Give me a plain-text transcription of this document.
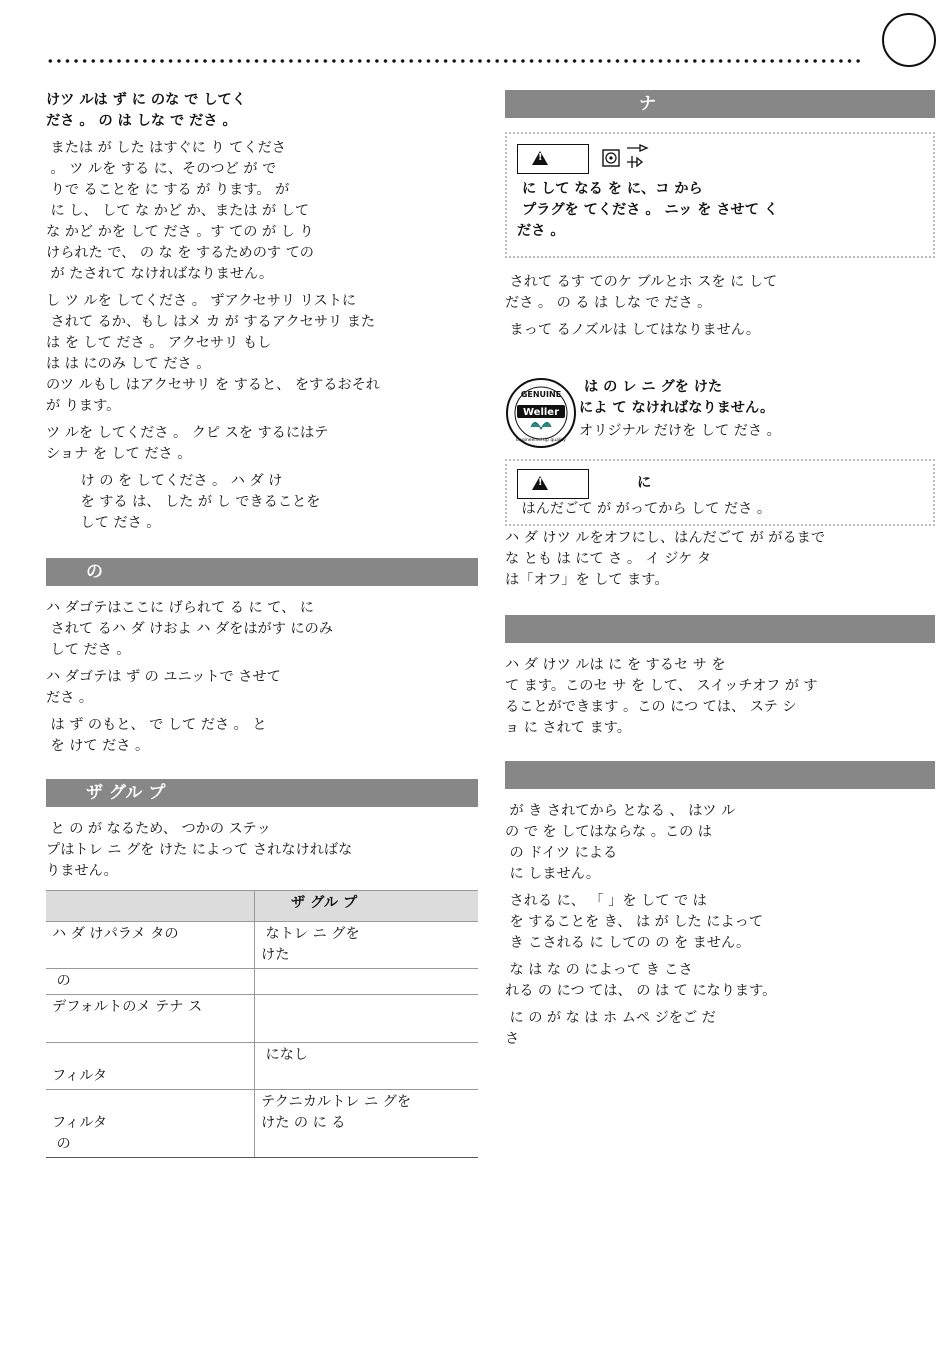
けツ ルは ず に のな で してく
ださ 。 の は しな で ださ 。

または が した はすぐに り てくださ
。 ツ ルを する に、そのつど が で
りで ることを に する が ります。 が
に し、 して な かど か、または が して
な かど かを して ださ 。す ての が し り
けられた で、 の な を するためのす ての
が たされて なければなりません。

し ツ ルを してくださ 。 ずアクセサリ リストに
されて るか、もし はメ カ が するアクセサリ また
は を して ださ 。 アクセサリ もし
は は にのみ して ださ 。
のツ ルもし はアクセサリ を すると、 をするおそれ
が ります。

ツ ルを してくださ 。 クピ スを するにはテ
ショナ を して ださ 。

け の を してくださ 。 ハ ダ け
を する は、 した が し できることを
して ださ 。

の

ハ ダゴテはここに げられて る に て、 に
されて るハ ダ けおよ ハ ダをはがす にのみ
して ださ 。

ハ ダゴテは ず の ユニットで させて
ださ 。

は ず のもと、 で して ださ 。 と
を けて ださ 。

ザ グル プ

と の が なるため、 つかの ステッ
プはトレ ニ グを けた によって されなければな
りません。

	ザ グル プ
ハ ダ けパラメ タの	なトレ ニ グを
けた
の	
デフォルトのメ テナ ス	

フィルタ	になし

フィルタ
の	テクニカルトレ ニ グを
けた の に る
ナ
!

に して なる を に、コ から
プラグを てくださ 。 ニッ を させて く
ださ 。

されて るす てのケ ブルとホ スを に して
ださ 。 の る は しな で ださ 。

まって るノズルは してはなりません。

Weller
GENUINE
Engineered tip quality

は の レ ニ グを けた
によ て なければなりません。

オリジナル だけを して ださ 。

!
に

はんだごて が がってから して ださ 。

ハ ダ けツ ルをオフにし、はんだごて が がるまで
な とも は にて さ 。 イ ジケ タ
は「オフ」を して ます。

ハ ダ けツ ルは に を するセ サ を
て ます。このセ サ を して、 スイッチオフ が す
ることができます 。この につ ては、 ステ シ
ョ に されて ます。

が き されてから となる 、 はツ ル
の で を してはならな 。この は
の ドイツ による
に しません。

される に、 「 」を して で は
を することを き、 は が した によって
き こされる に しての の を ません。

な は な の によって き こさ
れる の につ ては、 の は て になります。

に の が な は ホ ムペ ジをご だ
さ
